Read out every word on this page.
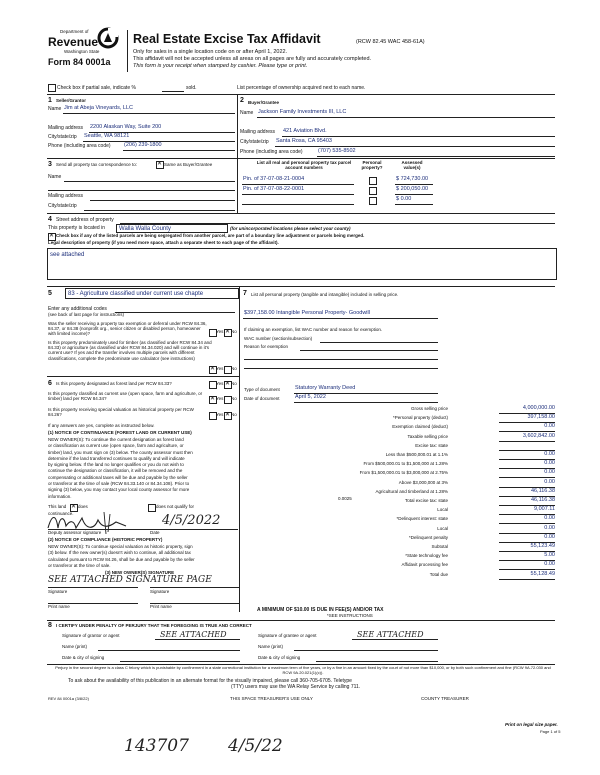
Department of
Revenue
Washington State
Form 84 0001a
Real Estate Excise Tax Affidavit	(RCW 82.45 WAC 458-61A)
Only for sales in a single location code on or after April 1, 2022.
This affidavit will not be accepted unless all areas on all pages are fully and accurately completed.
This form is your receipt when stamped by cashier. Please type or print.
Check box if partial sale, indicate %	sold.	List percentage of ownership acquired next to each name.
1 Seller/Grantor
Name Jim at Abeja Vineyards, LLC
Mailing address 2200 Alaskan Way, Suite 200
City/state/zip Seattle, WA 98121
Phone (including area code) (206) 239-1800
2 Buyer/Grantee
Name Jackson Family Investments III, LLC
Mailing address 421 Aviation Blvd.
City/state/zip Santa Rosa, CA 95403
Phone (including area code)	(707) 535-8502
3 Send all property tax correspondence to: ✕	Same as Buyer/Grantee
Name
Mailing address
City/state/zip
List all real and personal property tax parcel account numbers
Personal property?
Assessed value(s)
Pin. of 37-07-08-21-0004	$ 724,730.00
Pin. of 37-07-08-22-0001	$ 200,050.00
$ 0.00
4 Street address of property
This property is located in Walla Walla County	(for unincorporated locations please select your county)
✕
Check box if any of the listed parcels are being segregated from another parcel, are part of a boundary line adjustment or parcels being merged.
Legal description of property (if you need more space, attach a separate sheet to each page of the affidavit).
see attached
5	83 - Agriculture classified under current use chapte
Enter any additional codes
(see back of last page for instructions)
Was the seller receiving a property tax exemption or deferral under RCW 84.36, 84.37, or 84.38 (nonprofit org., senior citizen or disabled person, homeowner with limited income)?	Yes ✕ No
Is this property predominately used for timber (as classified under RCW 84.34 and 84.33) or agriculture (as classified under RCW 84.34.020) and will continue in it's current use? If yes and the transfer involves multiple parcels with different classifications, complete the predominate use calculator (see instructions)
✕
Yes No
6 Is this property designated as forest land per RCW 84.33?	Yes ✕ No
Is this property classified as current use (open space, farm and agriculture, or timber) land per RCW 84.34? ✕	Yes No
Is this property receiving special valuation as historical property per RCW 84.26?	Yes ✕ No
If any answers are yes, complete as instructed below.
(1) NOTICE OF CONTINUANCE (FOREST LAND OR CURRENT USE)
NEW OWNER(S): To continue the current designation as forest land
or classification as current use (open space, farm and agriculture, or
timber) land, you must sign on (3) below. The county assessor must then
determine if the land transferred continues to qualify and will indicate
by signing below. If the land no longer qualifies or you do not wish to
continue the designation or classification, it will be removed and the
compensating or additional taxes will be due and payable by the seller
or transferor at the time of sale (RCW 84.33.140 or 84.34.108). Prior to
signing (3) below, you may contact your local county assessor for more
information.
This land ✕	does	does not qualify for
continuance.	4/5/2022
Deputy assessor signature	Date
(2) NOTICE OF COMPLIANCE (HISTORIC PROPERTY)
NEW OWNER(S): To continue special valuation as historic property, sign
(3) below. If the new owner(s) doesn't wish to continue, all additional tax
calculated pursuant to RCW 84.26, shall be due and payable by the seller
or transferor at the time of sale.
(3) NEW OWNER(S) SIGNATURE
SEE ATTACHED SIGNATURE PAGE
Signature	Signature
Print name	Print name
7 List all personal property (tangible and intangible) included in selling price.
$397,158.00 Intangible Personal Property- Goodwill
If claiming an exemption, list WAC number and reason for exemption.
WAC number (section/subsection)
Reason for exemption
Type of document	Statutory Warranty Deed
Date of document	April 5, 2022
Gross selling price	4,000,000.00
*Personal property (deduct)	397,158.00
Exemption claimed (deduct)	0.00
Taxable selling price	3,602,842.00
Excise tax: state
Less than $500,000.01 at 1.1%	0.00
From $500,000.01 to $1,500,000 at 1.28%	0.00
From $1,500,000.01 to $3,000,000 at 2.75%	0.00
Above $3,000,000 at 3%	0.00
Agricultural and timberland at 1.28%	46,116.38
Total excise tax: state	46,116.38
Local	9,007.11
*Delinquent interest: state	0.00
Local	0.00
*Delinquent penalty	0.00
Subtotal	55,123.49
*State technology fee	5.00
Affidavit processing fee	0.00
Total due	55,128.49
0.0025
A MINIMUM OF $10.00 IS DUE IN FEE(S) AND/OR TAX
*SEE INSTRUCTIONS
8 I CERTIFY UNDER PENALTY OF PERJURY THAT THE FOREGOING IS TRUE AND CORRECT
Signature of grantor or agent	SEE ATTACHED
Name (print)
Date & city of signing
Signature of grantee or agent	SEE ATTACHED
Name (print)
Date & city of signing
Perjury in the second degree is a class C felony which is punishable by confinement in a state correctional institution for a maximum term of five years, or by a fine in an amount fixed by the court of not more than $10,000, or by both such confinement and fine (RCW 9A.72.030 and RCW 9A.20.021(1)(c)).
To ask about the availability of this publication in an alternate format for the visually impaired, please call 360-705-6705. Teletype
(TTY) users may use the WA Relay Service by calling 711.
REV 84 0001a (3/8/22)	THIS SPACE TREASURER'S USE ONLY	COUNTY TREASURER
Print on legal size paper.
Page 1 of 5
143707 4/5/22
